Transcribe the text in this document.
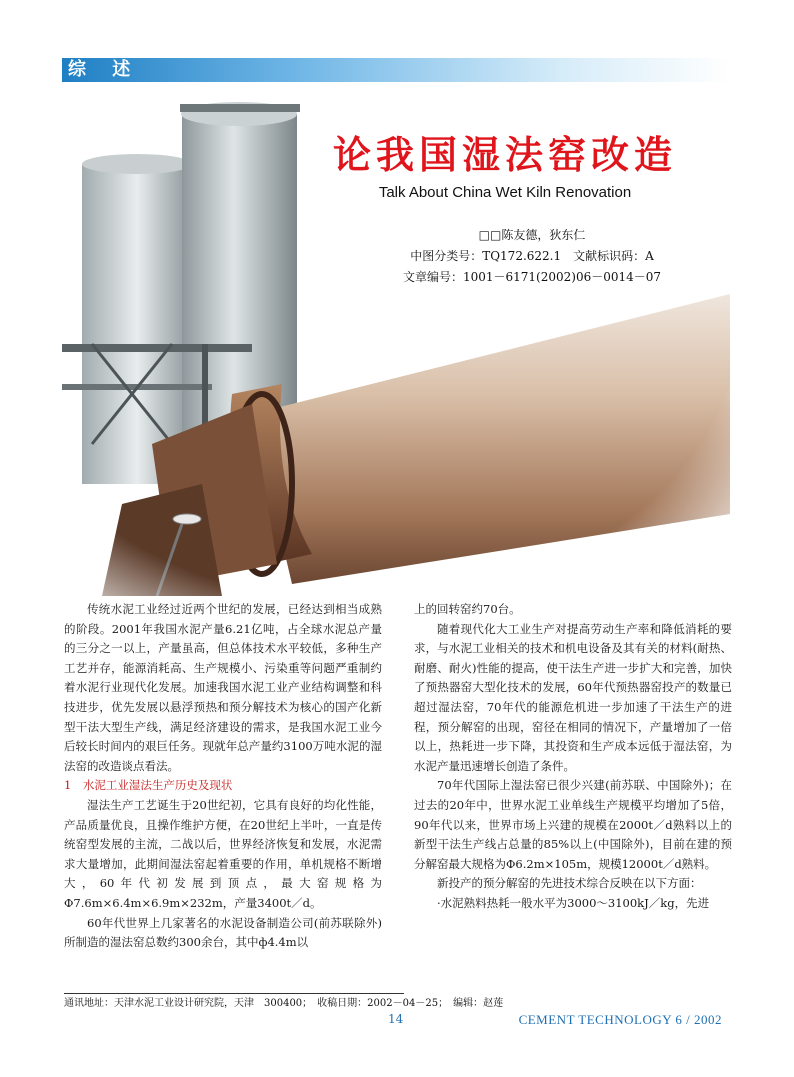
综 述
论我国湿法窑改造
Talk About China Wet Kiln Renovation
□□陈友德，狄东仁
中图分类号：TQ172.622.1　文献标识码：A
文章编号：1001－6171(2002)06－0014－07

传统水泥工业经过近两个世纪的发展，已经达到相当成熟的阶段。2001年我国水泥产量6.21亿吨，占全球水泥总产量的三分之一以上，产量虽高，但总体技术水平较低，多种生产工艺并存，能源消耗高、生产规模小、污染重等问题严重制约着水泥行业现代化发展。加速我国水泥工业产业结构调整和科技进步，优先发展以悬浮预热和预分解技术为核心的国产化新型干法大型生产线，满足经济建设的需求，是我国水泥工业今后较长时间内的艰巨任务。现就年总产量约3100万吨水泥的湿法窑的改造谈点看法。

1　水泥工业湿法生产历史及现状

湿法生产工艺诞生于20世纪初，它具有良好的均化性能，产品质量优良，且操作维护方便，在20世纪上半叶，一直是传统窑型发展的主流，二战以后，世界经济恢复和发展，水泥需求大量增加，此期间湿法窑起着重要的作用，单机规格不断增大，60年代初发展到顶点，最大窑规格为Φ7.6m×6.4m×6.9m×232m，产量3400t／d。

60年代世界上几家著名的水泥设备制造公司(前苏联除外)所制造的湿法窑总数约300余台，其中ф4.4m以

上的回转窑约70台。

随着现代化大工业生产对提高劳动生产率和降低消耗的要求，与水泥工业相关的技术和机电设备及其有关的材料(耐热、耐磨、耐火)性能的提高，使干法生产进一步扩大和完善，加快了预热器窑大型化技术的发展，60年代预热器窑投产的数量已超过湿法窑，70年代的能源危机进一步加速了干法生产的进程，预分解窑的出现，窑径在相同的情况下，产量增加了一倍以上，热耗进一步下降，其投资和生产成本远低于湿法窑，为水泥产量迅速增长创造了条件。

70年代国际上湿法窑已很少兴建(前苏联、中国除外)；在过去的20年中，世界水泥工业单线生产规模平均增加了5倍，90年代以来，世界市场上兴建的规模在2000t／d熟料以上的新型干法生产线占总量的85%以上(中国除外)，目前在建的预分解窑最大规格为Φ6.2m×105m，规模12000t／d熟料。

新投产的预分解窑的先进技术综合反映在以下方面：

·水泥熟料热耗一般水平为3000～3100kJ／kg，先进

通讯地址：天津水泥工业设计研究院，天津　300400；　收稿日期：2002－04－25；　编辑：赵莲
14	CEMENT TECHNOLOGY 6 / 2002
